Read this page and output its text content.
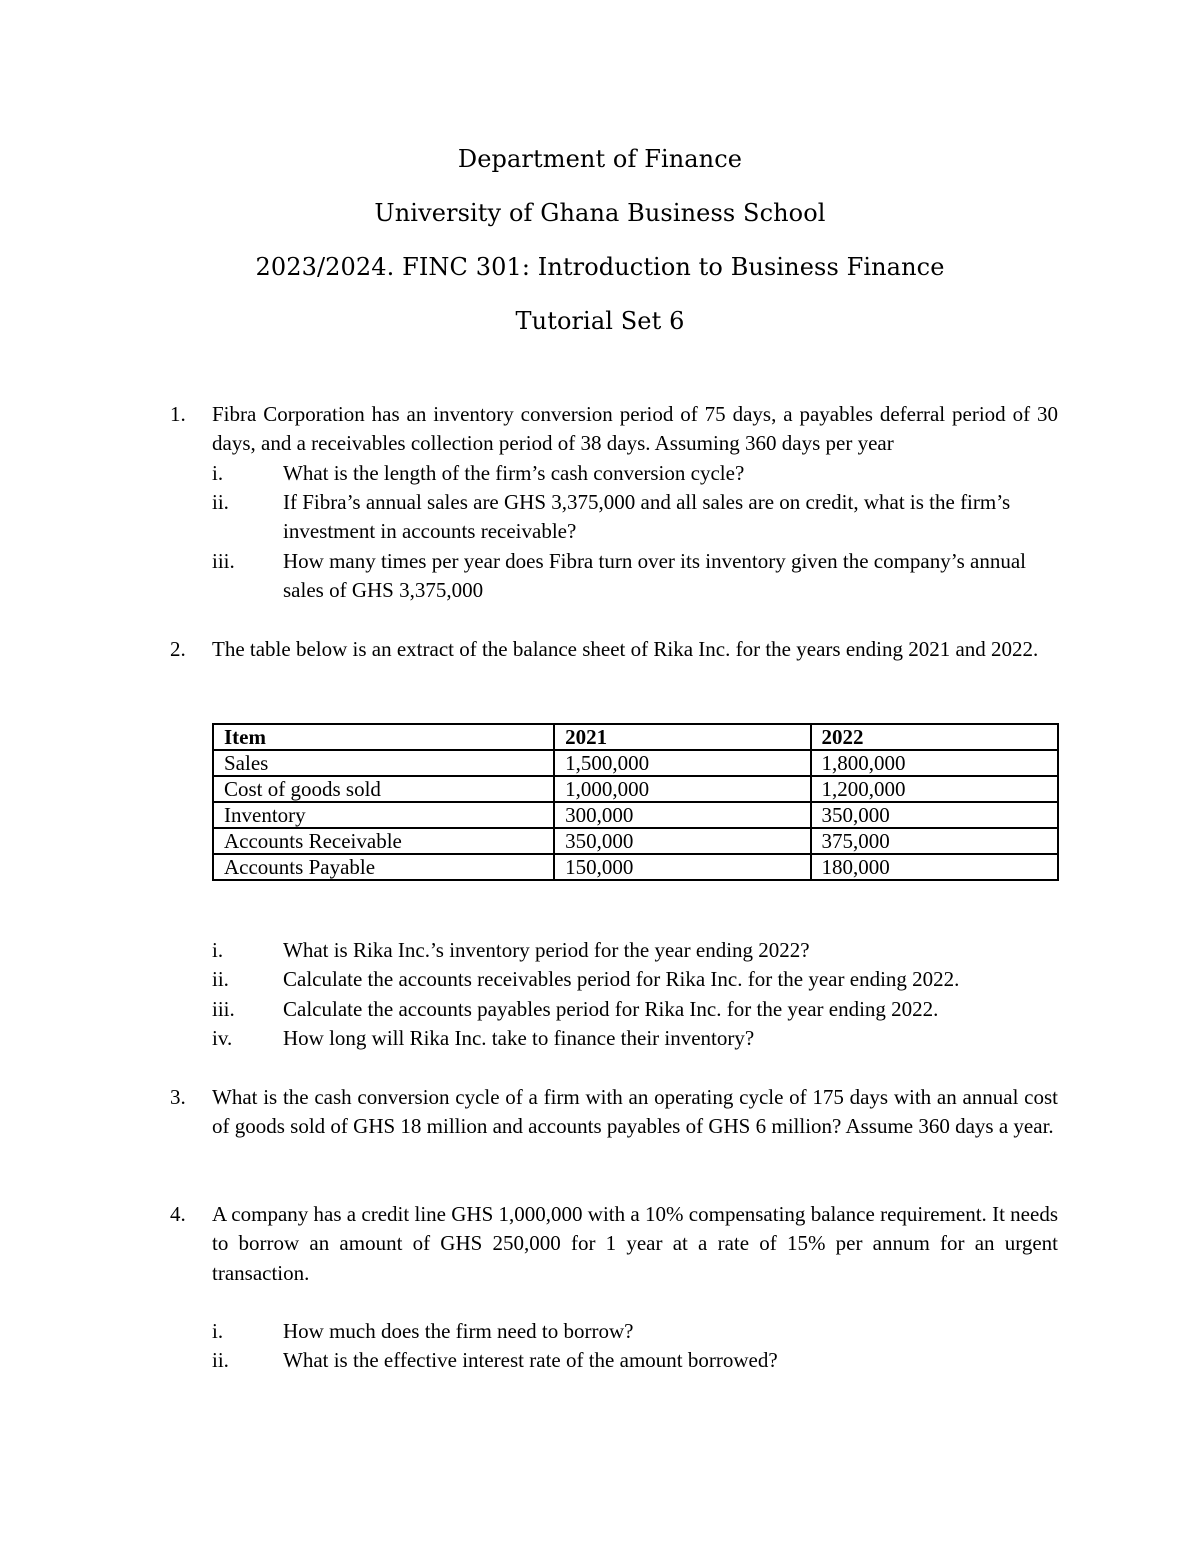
Department of Finance
University of Ghana Business School
2023/2024. FINC 301: Introduction to Business Finance
Tutorial Set 6
1. Fibra Corporation has an inventory conversion period of 75 days, a payables deferral period of 30 days, and a receivables collection period of 38 days. Assuming 360 days per year

i.	What is the length of the firm’s cash conversion cycle?
ii.	If Fibra’s annual sales are GHS 3,375,000 and all sales are on credit, what is the firm’s investment in accounts receivable?
iii. How many times per year does Fibra turn over its inventory given the company’s annual sales of GHS 3,375,000
2. The table below is an extract of the balance sheet of Rika Inc. for the years ending 2021 and 2022.

Item	2021	2022
Sales	1,500,000	1,800,000
Cost of goods sold	1,000,000	1,200,000
Inventory	300,000	350,000
Accounts Receivable	350,000	375,000
Accounts Payable	150,000	180,000
i.	What is Rika Inc.’s inventory period for the year ending 2022?
ii.	Calculate the accounts receivables period for Rika Inc. for the year ending 2022.
iii. Calculate the accounts payables period for Rika Inc. for the year ending 2022.
iv. How long will Rika Inc. take to finance their inventory?
3. What is the cash conversion cycle of a firm with an operating cycle of 175 days with an annual cost of goods sold of GHS 18 million and accounts payables of GHS 6 million? Assume 360 days a year.

4. A company has a credit line GHS 1,000,000 with a 10% compensating balance requirement. It needs to borrow an amount of GHS 250,000 for 1 year at a rate of 15% per annum for an urgent transaction.

i.	How much does the firm need to borrow?
ii.	What is the effective interest rate of the amount borrowed?
